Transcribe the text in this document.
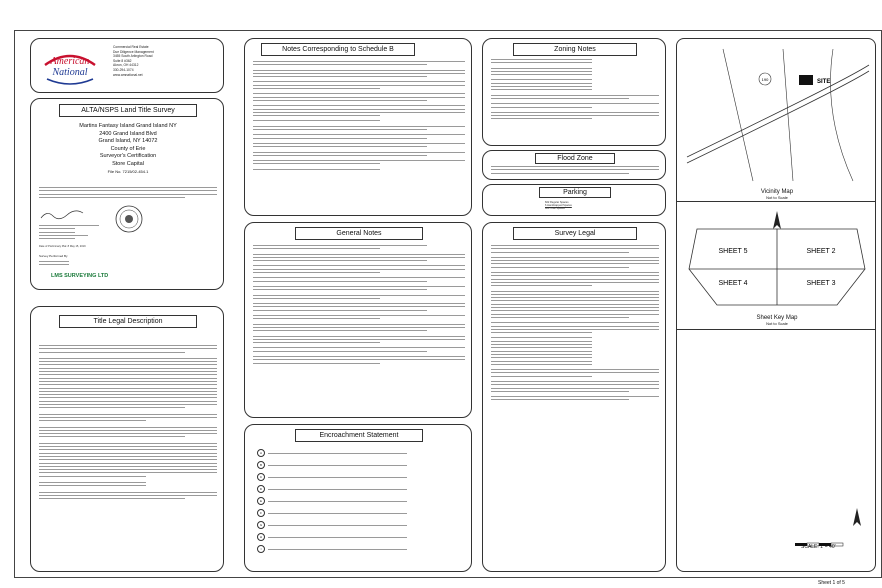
American
National
Commercial Real Estate
Due Diligence Management
3455 South Arlington Road
Suite 8 #362
Akron, OH 44312
330-294-1074
www.amnational.net
ALTA/NSPS Land Title Survey
Martins Fantasy Island Grand Island NY
2400 Grand Island Blvd
Grand Island, NY 14072
County of Erie
Surveyor's Certification
Store Capital
File No. 7215/02-454.1
Date of Preliminary Plat: 8 May 15, 2019
Survey Performed By
LMS SURVEYING LTD
Title Legal Description
Notes Corresponding to Schedule B
General Notes
Encroachment Statement
A
B
C
D
E
F
G
H
I
Zoning Notes
Flood Zone
Parking
822 Regular Spaces
6 Handicapped Spaces
828 Total Spaces
Survey Legal
190	SITE
Vicinity Map
Not to Scale
SHEET 5	SHEET 2
SHEET 4	SHEET 3
Sheet Key Map
Not to Scale
SCALE: 1"= 40'
Sheet 1 of 5
